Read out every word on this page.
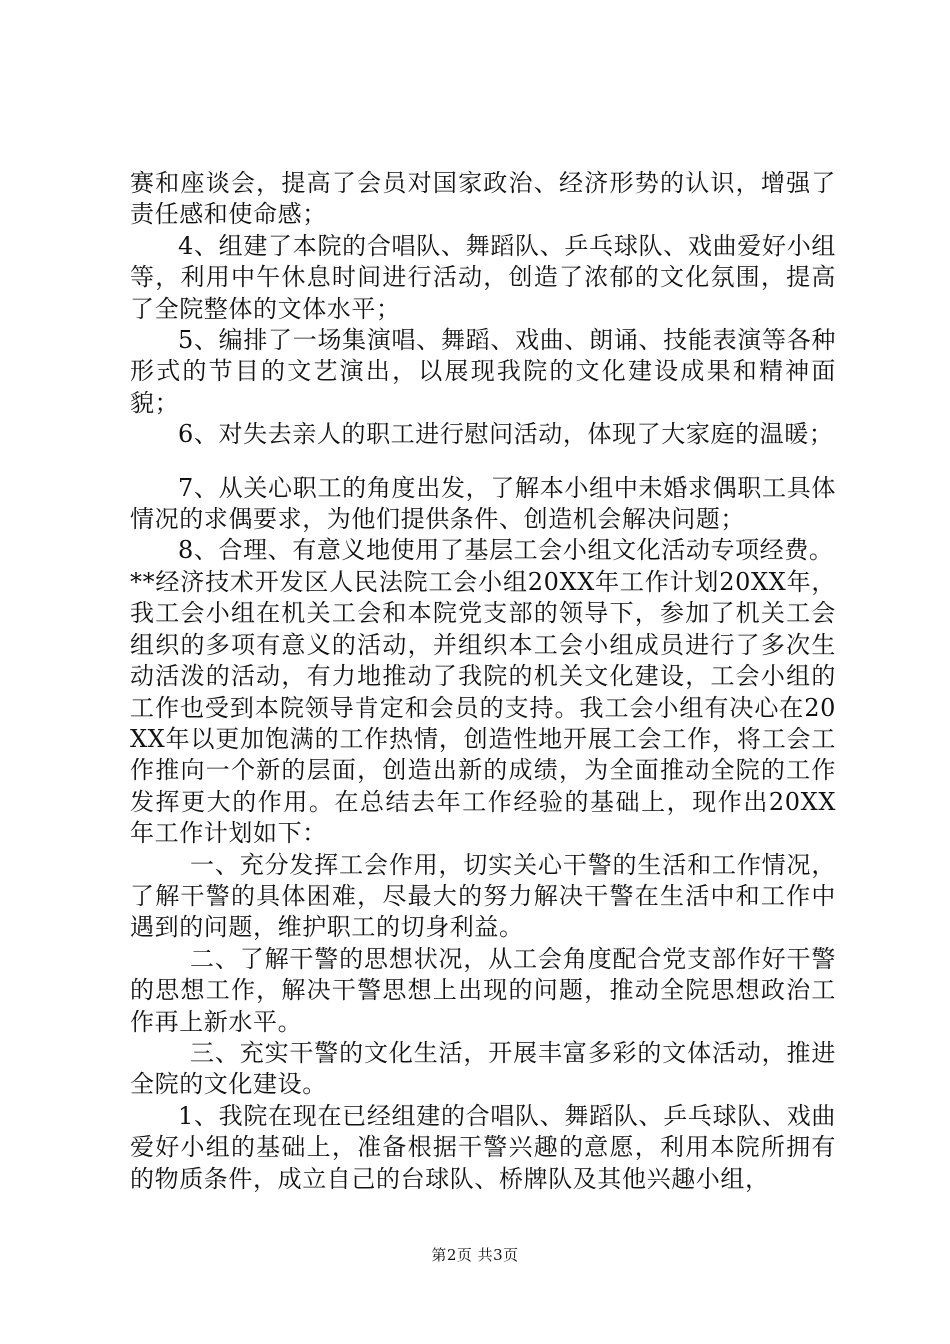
赛和座谈会，提高了会员对国家政治、经济形势的认识，增强了责任感和使命感；

4、组建了本院的合唱队、舞蹈队、乒乓球队、戏曲爱好小组等，利用中午休息时间进行活动，创造了浓郁的文化氛围，提高了全院整体的文体水平；

5、编排了一场集演唱、舞蹈、戏曲、朗诵、技能表演等各种形式的节目的文艺演出，以展现我院的文化建设成果和精神面貌；

6、对失去亲人的职工进行慰问活动，体现了大家庭的温暖；

7、从关心职工的角度出发，了解本小组中未婚求偶职工具体情况的求偶要求，为他们提供条件、创造机会解决问题；

8、合理、有意义地使用了基层工会小组文化活动专项经费。

**经济技术开发区人民法院工会小组20XX年工作计划20XX年，我工会小组在机关工会和本院党支部的领导下，参加了机关工会组织的多项有意义的活动，并组织本工会小组成员进行了多次生动活泼的活动，有力地推动了我院的机关文化建设，工会小组的工作也受到本院领导肯定和会员的支持。我工会小组有决心在20XX年以更加饱满的工作热情，创造性地开展工会工作，将工会工作推向一个新的层面，创造出新的成绩，为全面推动全院的工作发挥更大的作用。在总结去年工作经验的基础上，现作出20XX年工作计划如下：

一、充分发挥工会作用，切实关心干警的生活和工作情况，了解干警的具体困难，尽最大的努力解决干警在生活中和工作中遇到的问题，维护职工的切身利益。

二、了解干警的思想状况，从工会角度配合党支部作好干警的思想工作，解决干警思想上出现的问题，推动全院思想政治工作再上新水平。

三、充实干警的文化生活，开展丰富多彩的文体活动，推进全院的文化建设。

1、我院在现在已经组建的合唱队、舞蹈队、乒乓球队、戏曲爱好小组的基础上，准备根据干警兴趣的意愿，利用本院所拥有的物质条件，成立自己的台球队、桥牌队及其他兴趣小组，

第2页 共3页
